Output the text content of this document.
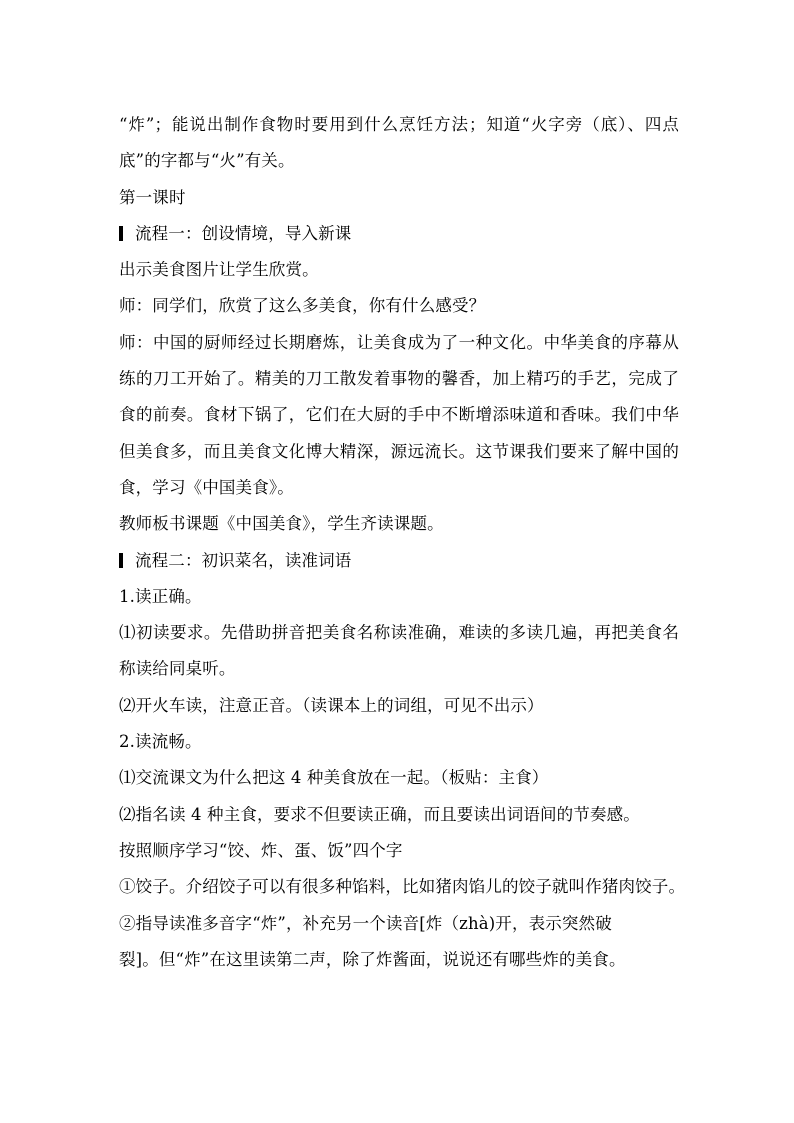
“炸”；能说出制作食物时要用到什么烹饪方法；知道“火字旁（底）、四点
底”的字都与“火”有关。
第一课时
流程一：创设情境，导入新课
出示美食图片让学生欣赏。
师：同学们，欣赏了这么多美食，你有什么感受？
师：中国的厨师经过长期磨炼，让美食成为了一种文化。中华美食的序幕从
练的刀工开始了。精美的刀工散发着事物的馨香，加上精巧的手艺，完成了
食的前奏。食材下锅了，它们在大厨的手中不断增添味道和香味。我们中华
但美食多，而且美食文化博大精深，源远流长。这节课我们要来了解中国的
食，学习《中国美食》。
教师板书课题《中国美食》，学生齐读课题。
流程二：初识菜名，读准词语
1.读正确。
⑴初读要求。先借助拼音把美食名称读准确，难读的多读几遍，再把美食名
称读给同桌听。
⑵开火车读，注意正音。（读课本上的词组，可见不出示）
2.读流畅。
⑴交流课文为什么把这 4 种美食放在一起。（板贴：主食）
⑵指名读 4 种主食，要求不但要读正确，而且要读出词语间的节奏感。
按照顺序学习“饺、炸、蛋、饭”四个字
①饺子。介绍饺子可以有很多种馅料，比如猪肉馅儿的饺子就叫作猪肉饺子。
②指导读准多音字“炸”，补充另一个读音[炸（zhà)开，表示突然破
裂]。但“炸”在这里读第二声，除了炸酱面，说说还有哪些炸的美食。
